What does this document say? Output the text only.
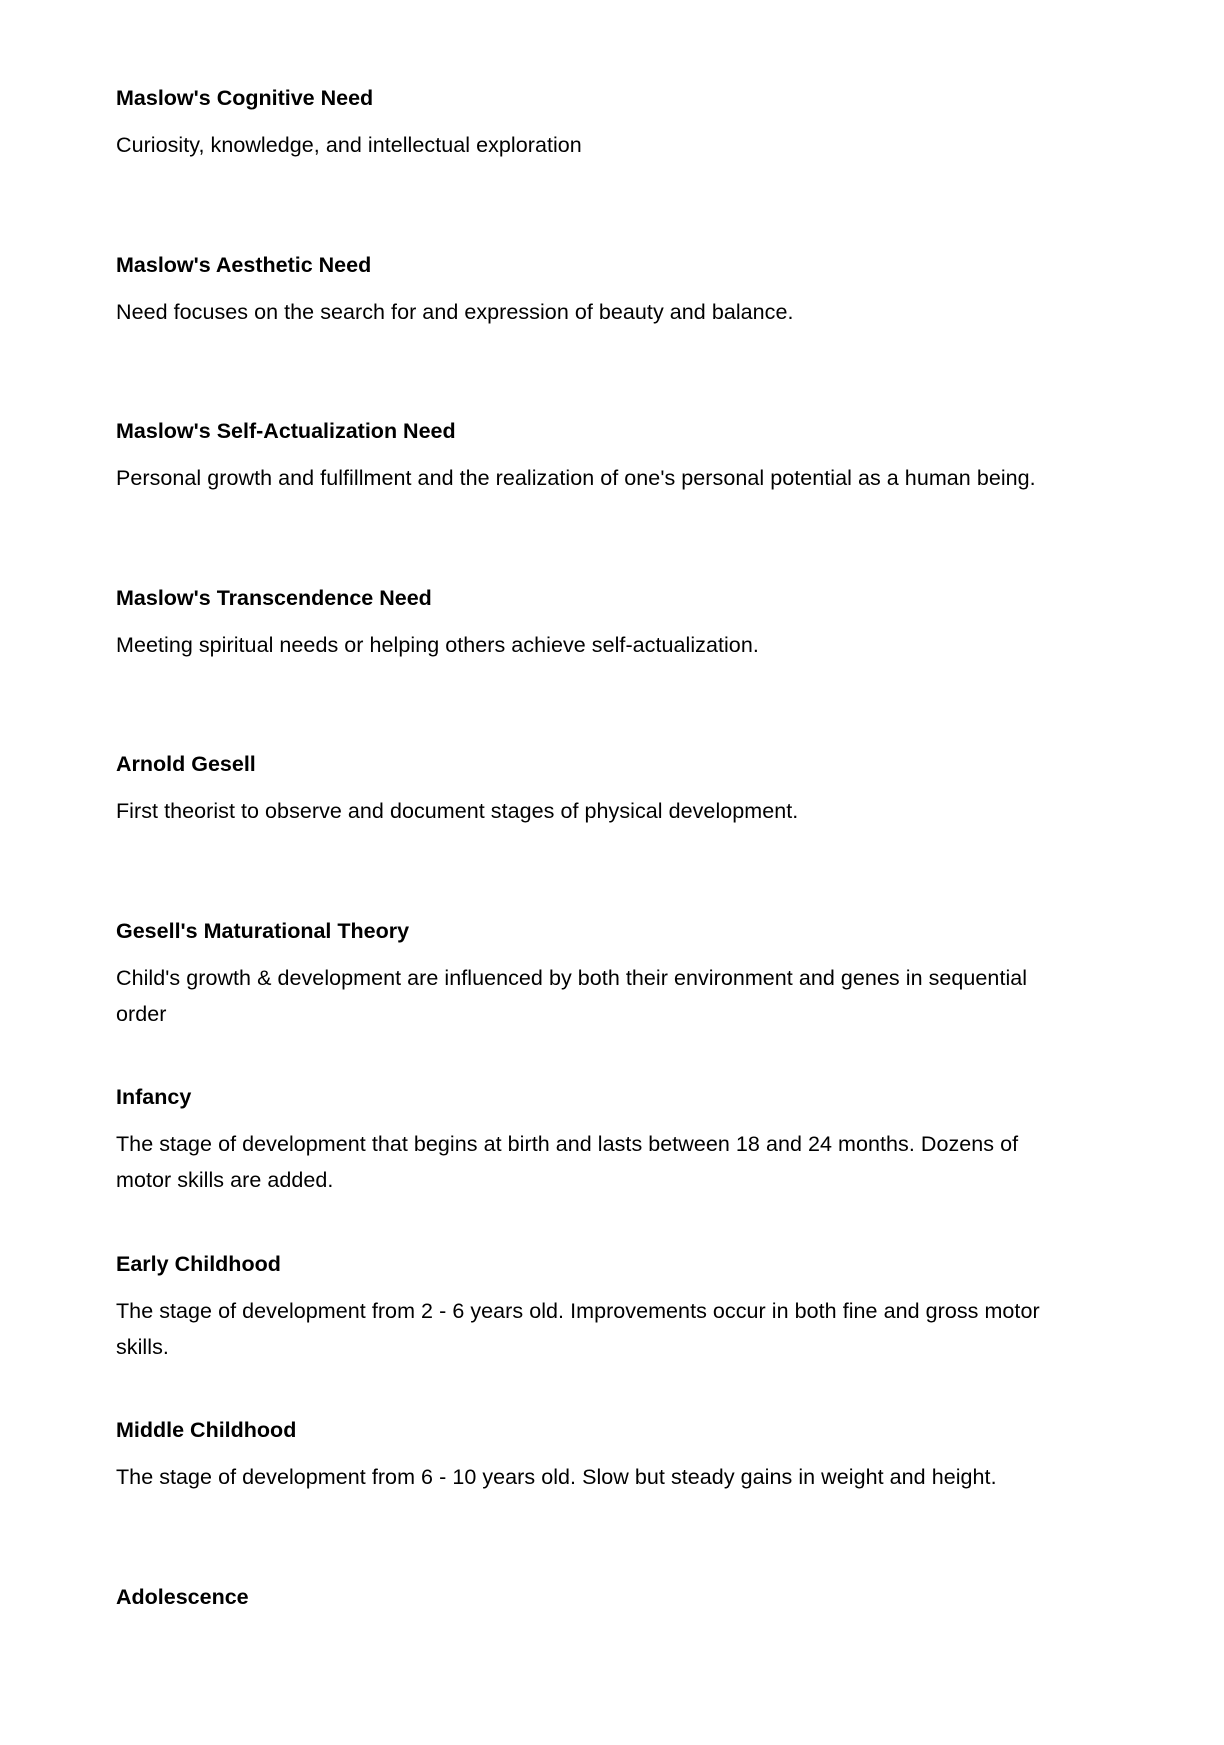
Maslow's Cognitive Need

Curiosity, knowledge, and intellectual exploration

Maslow's Aesthetic Need

Need focuses on the search for and expression of beauty and balance.

Maslow's Self-Actualization Need

Personal growth and fulfillment and the realization of one's personal potential as a human being.

Maslow's Transcendence Need

Meeting spiritual needs or helping others achieve self-actualization.

Arnold Gesell

First theorist to observe and document stages of physical development.

Gesell's Maturational Theory

Child's growth & development are influenced by both their environment and genes in sequential order

Infancy

The stage of development that begins at birth and lasts between 18 and 24 months. Dozens of motor skills are added.

Early Childhood

The stage of development from 2 - 6 years old. Improvements occur in both fine and gross motor skills.

Middle Childhood

The stage of development from 6 - 10 years old. Slow but steady gains in weight and height.

Adolescence
